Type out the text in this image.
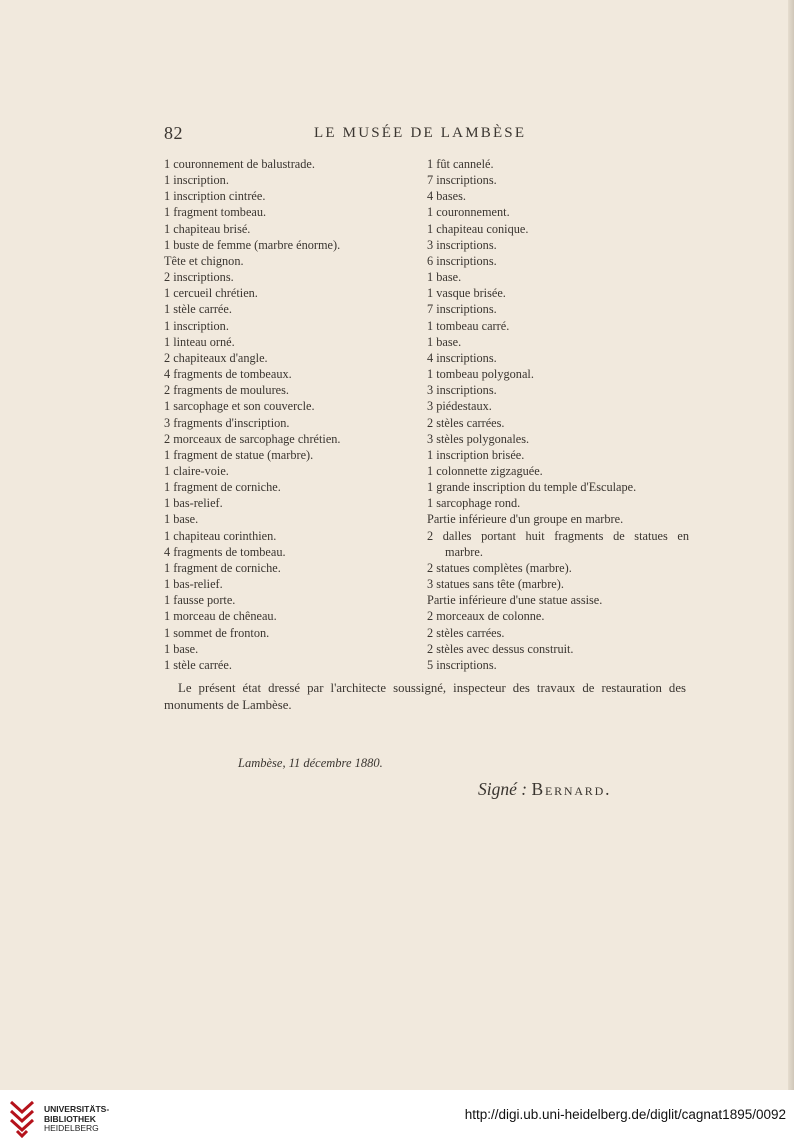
82	LE MUSÉE DE LAMBÈSE
1 couronnement de balustrade.
1 inscription.
1 inscription cintrée.
1 fragment tombeau.
1 chapiteau brisé.
1 buste de femme (marbre énorme).
Tête et chignon.
2 inscriptions.
1 cercueil chrétien.
1 stèle carrée.
1 inscription.
1 linteau orné.
2 chapiteaux d'angle.
4 fragments de tombeaux.
2 fragments de moulures.
1 sarcophage et son couvercle.
3 fragments d'inscription.
2 morceaux de sarcophage chrétien.
1 fragment de statue (marbre).
1 claire-voie.
1 fragment de corniche.
1 bas-relief.
1 base.
1 chapiteau corinthien.
4 fragments de tombeau.
1 fragment de corniche.
1 bas-relief.
1 fausse porte.
1 morceau de chêneau.
1 sommet de fronton.
1 base.
1 stèle carrée.
1 fût cannelé.
7 inscriptions.
4 bases.
1 couronnement.
1 chapiteau conique.
3 inscriptions.
6 inscriptions.
1 base.
1 vasque brisée.
7 inscriptions.
1 tombeau carré.
1 base.
4 inscriptions.
1 tombeau polygonal.
3 inscriptions.
3 piédestaux.
2 stèles carrées.
3 stèles polygonales.
1 inscription brisée.
1 colonnette zigzaguée.
1 grande inscription du temple d'Esculape.
1 sarcophage rond.
Partie inférieure d'un groupe en marbre.
2 dalles portant huit fragments de statues en
marbre.
2 statues complètes (marbre).
3 statues sans tête (marbre).
Partie inférieure d'une statue assise.
2 morceaux de colonne.
2 stèles carrées.
2 stèles avec dessus construit.
5 inscriptions.

Le présent état dressé par l'architecte soussigné, inspecteur des travaux de restauration des monuments de Lambèse.

Lambèse, 11 décembre 1880.
Signé : Bernard.
UNIVERSITÄTS-
BIBLIOTHEK
HEIDELBERG
http://digi.ub.uni-heidelberg.de/diglit/cagnat1895/0092
